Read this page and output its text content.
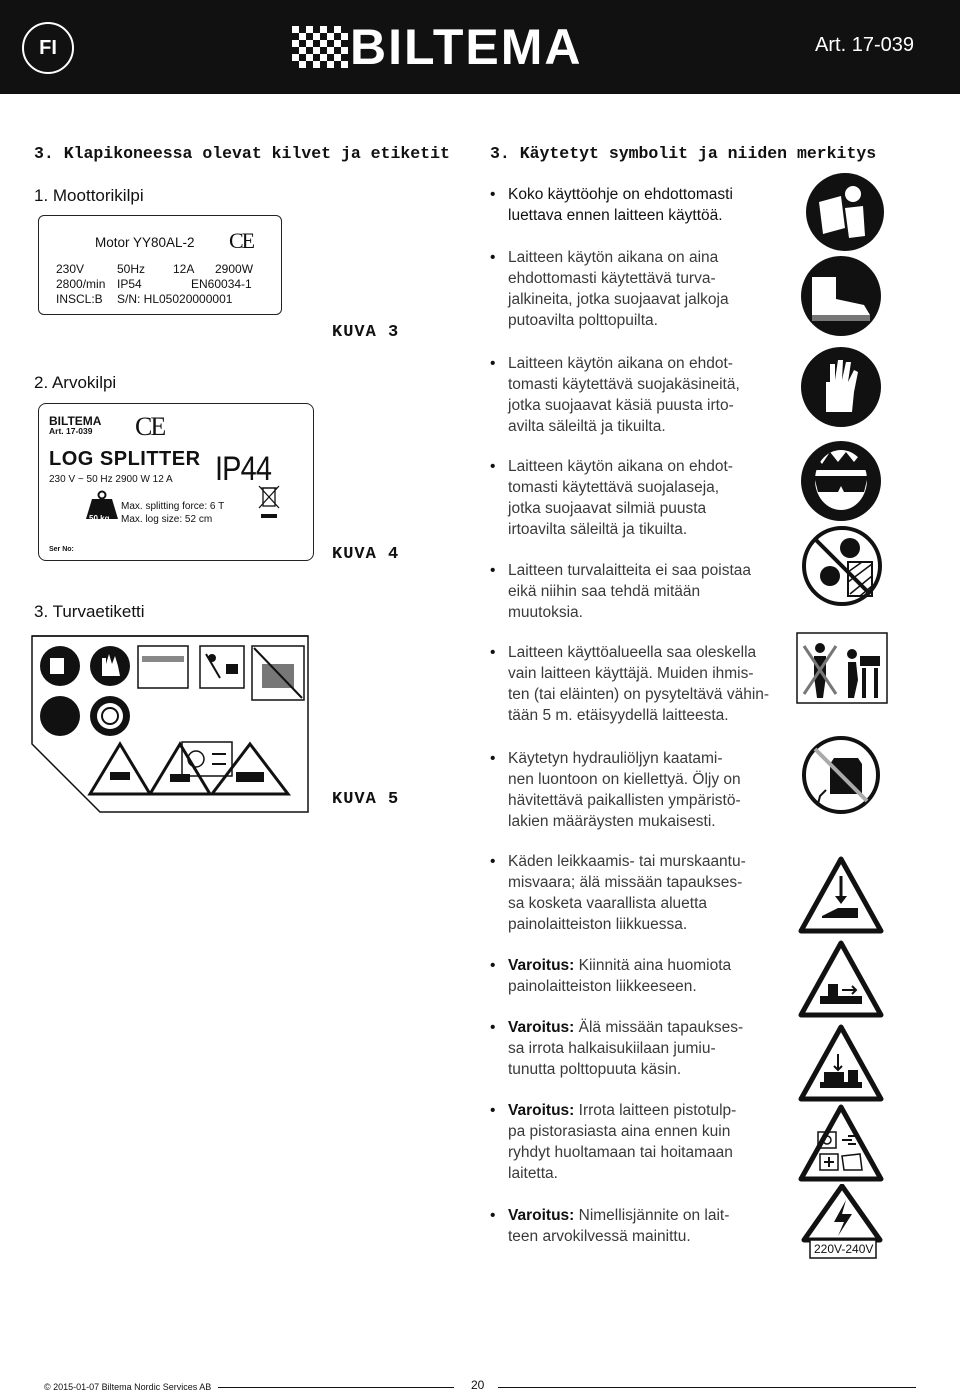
FI	BILTEMA	Art. 17-039
3. Klapikoneessa olevat kilvet ja etiketit
1. Moottorikilpi
Motor YY80AL-2 CE
230V	50Hz 12A 2900W
2800/min IP54	EN60034-1
INSCL:B S/N: HL05020000001
KUVA 3
2. Arvokilpi
BILTEMA
Art. 17-039 CE
LOG SPLITTER
230 V ~ 50 Hz 2900 W 12 A IP44
50 kg
Max. splitting force: 6 T
Max. log size: 52 cm
Ser No:	KUVA 4
3. Turvaetiketti
KUVA 5
3. Käytetyt symbolit ja niiden merkitys
• Koko käyttöohje on ehdottomasti
luettava ennen laitteen käyttöä.
• Laitteen käytön aikana on aina
ehdottomasti käytettävä turva-
jalkineita, jotka suojaavat jalkoja
putoavilta polttopuilta.
• Laitteen käytön aikana on ehdot-
tomasti käytettävä suojakäsineitä,
jotka suojaavat käsiä puusta irto-
avilta säleiltä ja tikuilta.
• Laitteen käytön aikana on ehdot-
tomasti käytettävä suojalaseja,
jotka suojaavat silmiä puusta
irtoavilta säleiltä ja tikuilta.
• Laitteen turvalaitteita ei saa poistaa
eikä niihin saa tehdä mitään
muutoksia.
• Laitteen käyttöalueella saa oleskella
vain laitteen käyttäjä. Muiden ihmis-
ten (tai eläinten) on pysyteltävä vähin-
tään 5 m. etäisyydellä laitteesta.
• Käytetyn hydrauliöljyn kaatami-
nen luontoon on kiellettyä. Öljy on
hävitettävä paikallisten ympäristö-
lakien määräysten mukaisesti.
• Käden leikkaamis- tai murskaantu-
misvaara; älä missään tapaukses-
sa kosketa vaarallista aluetta
painolaitteiston liikkuessa.
• Varoitus: Kiinnitä aina huomiota
painolaitteiston liikkeeseen.
• Varoitus: Älä missään tapaukses-
sa irrota halkaisukiilaan jumiu-
tunutta polttopuuta käsin.
• Varoitus: Irrota laitteen pistotulp-
pa pistorasiasta aina ennen kuin
ryhdyt huoltamaan tai hoitamaan
laitetta.
• Varoitus: Nimellisjännite on lait-
teen arvokilvessä mainittu.
220V-240V
© 2015-01-07 Biltema Nordic Services AB	20
